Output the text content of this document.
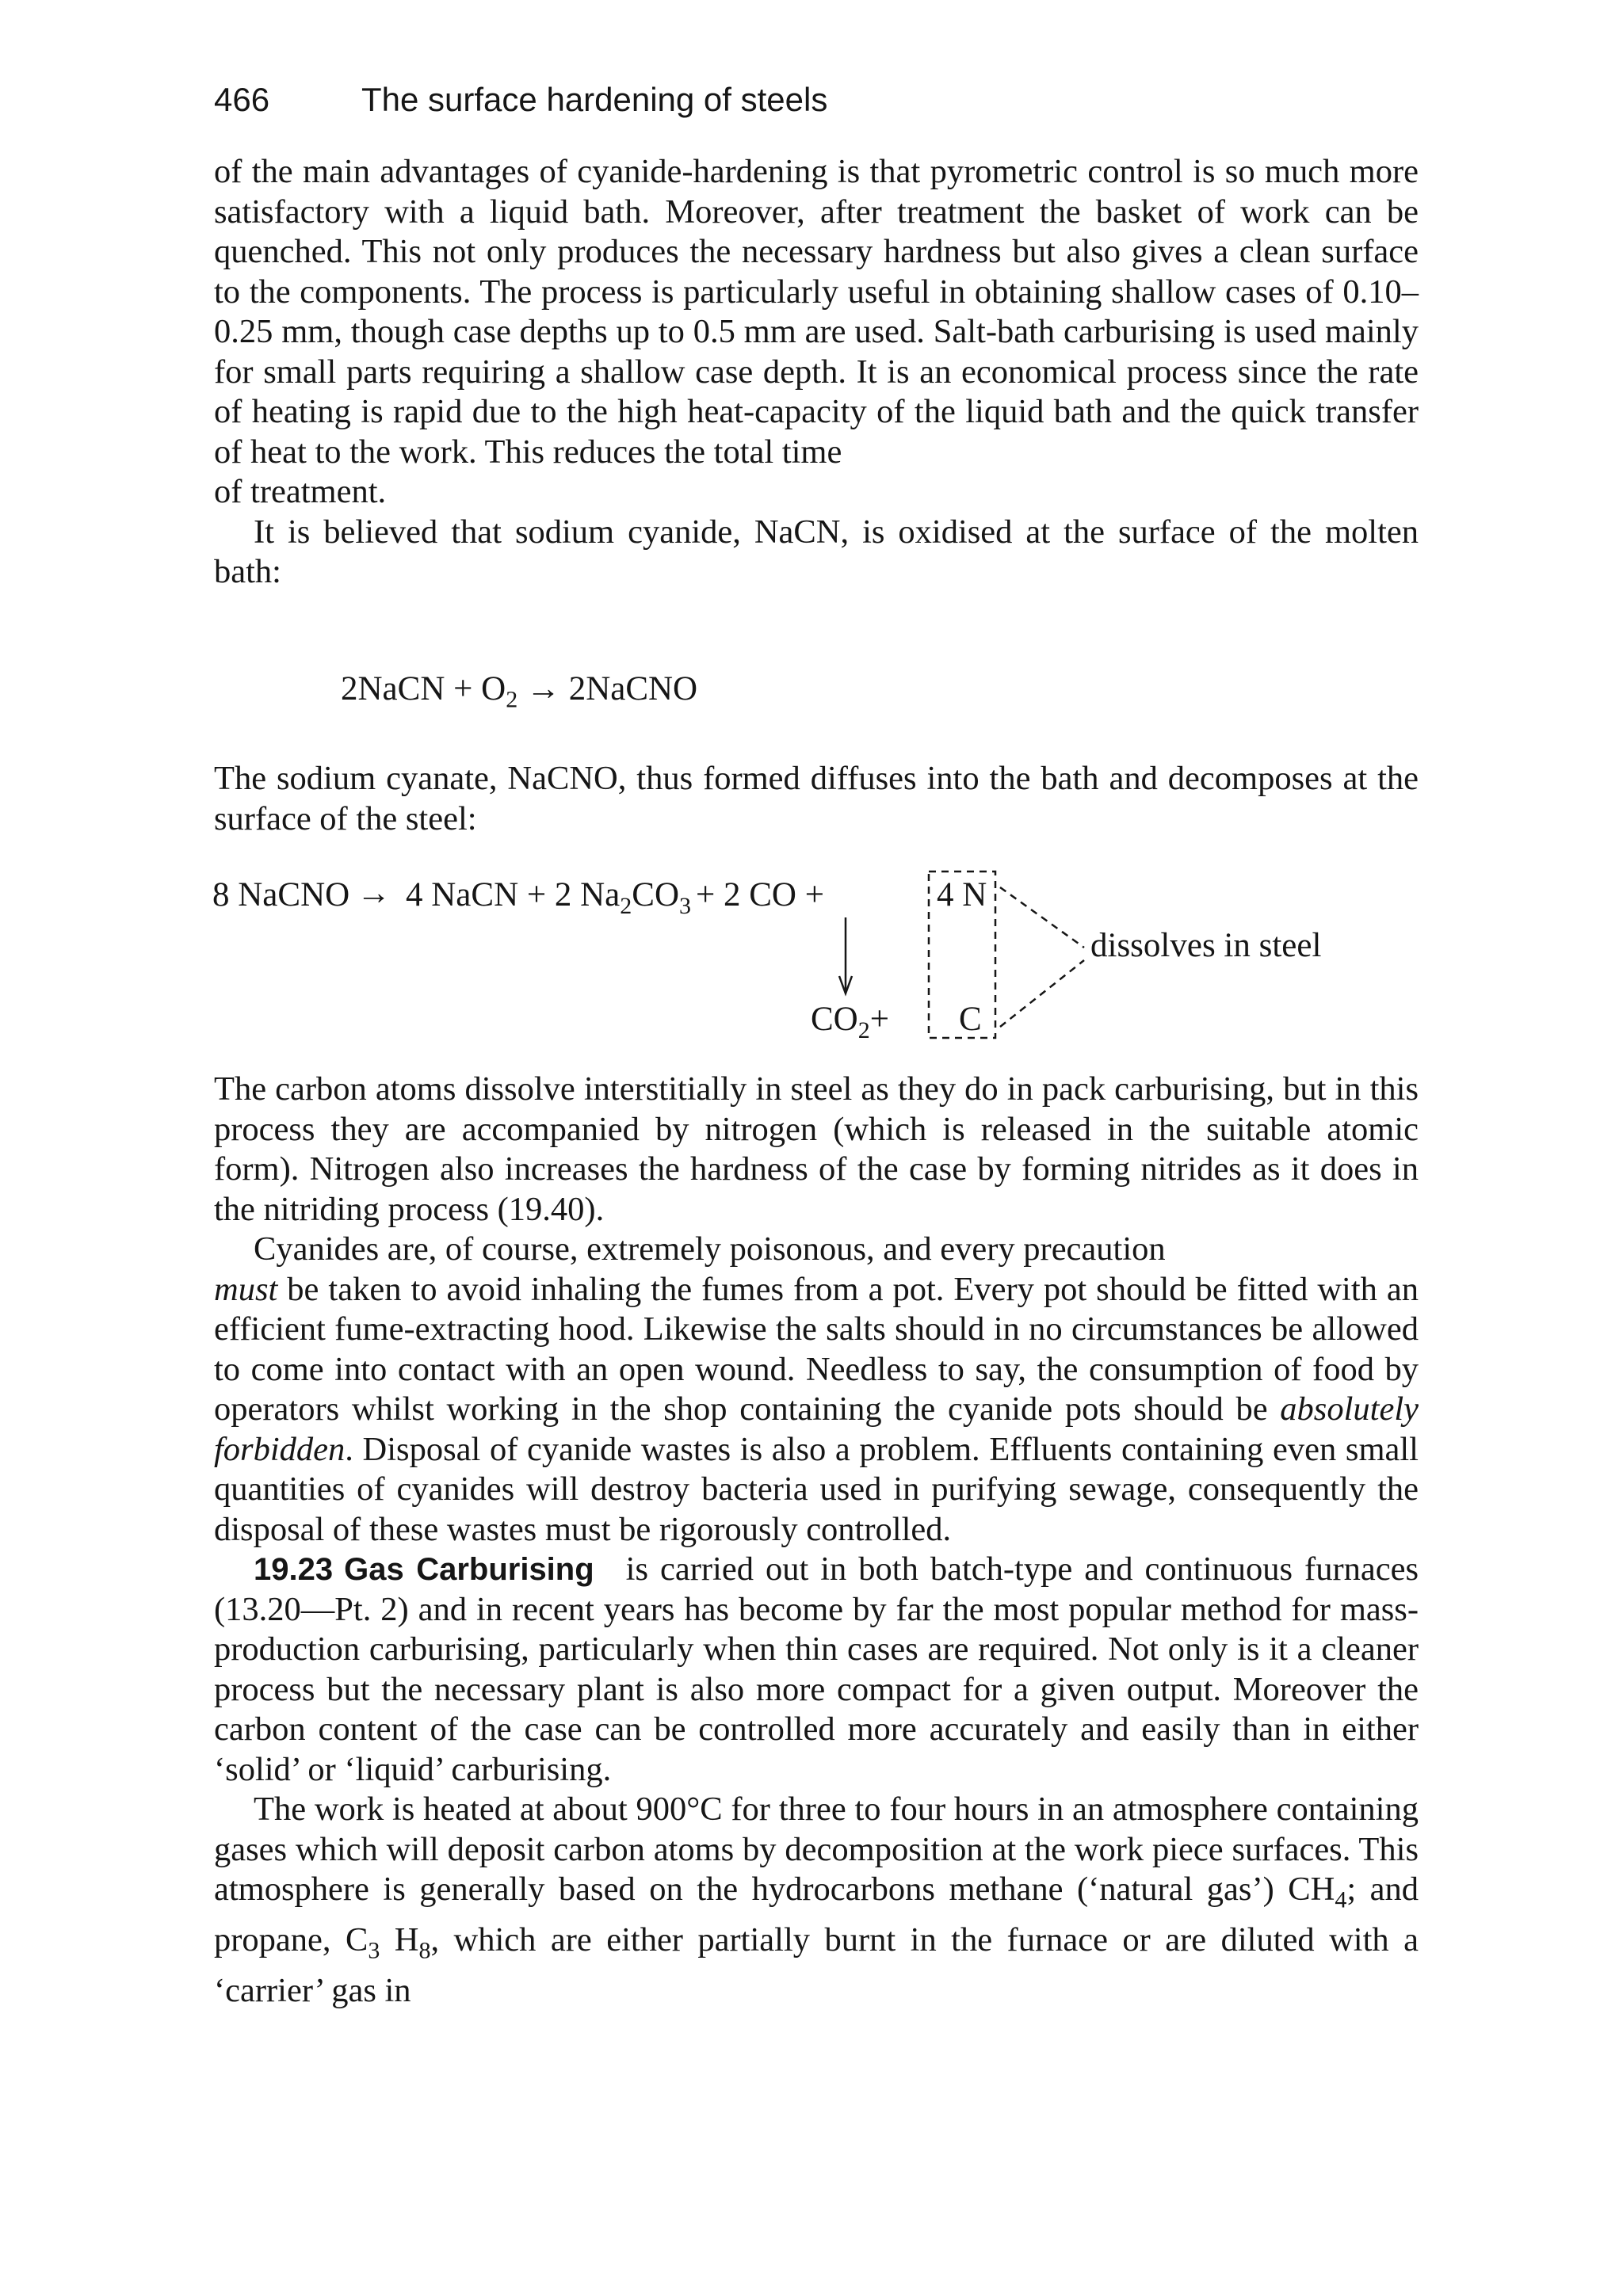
466	The surface hardening of steels

of the main advantages of cyanide-hardening is that pyrometric control is so much more satisfactory with a liquid bath. Moreover, after treatment the basket of work can be quenched. This not only produces the necessary hardness but also gives a clean surface to the components. The process is particularly useful in obtaining shallow cases of 0.10–0.25 mm, though case depths up to 0.5 mm are used. Salt-bath carburising is used mainly for small parts requiring a shallow case depth. It is an economical process since the rate of heating is rapid due to the high heat-capacity of the liquid bath and the quick transfer of heat to the work. This reduces the total time
of treatment.

It is believed that sodium cyanide, NaCN, is oxidised at the surface of the molten bath:

2NaCN + $O_2$ → 2NaCNO

The sodium cyanate, NaCNO, thus formed diffuses into the bath and decomposes at the surface of the steel:

8 NaCNO → 4 NaCN + 2 $Na_2CO_3 + 2$ CO +	4 N
$CO_2+ C$
dissolves in steel

The carbon atoms dissolve interstitially in steel as they do in pack carburising, but in this process they are accompanied by nitrogen (which is released in the suitable atomic form). Nitrogen also increases the hardness of the case by forming nitrides as it does in the nitriding process (19.40).

Cyanides are, of course, extremely poisonous, and every precaution
must be taken to avoid inhaling the fumes from a pot. Every pot should be fitted with an efficient fume-extracting hood. Likewise the salts should in no circumstances be allowed to come into contact with an open wound. Needless to say, the consumption of food by operators whilst working in the shop containing the cyanide pots should be absolutely forbidden. Disposal of cyanide wastes is also a problem. Effluents containing even small quantities of cyanides will destroy bacteria used in purifying sewage, consequently the disposal of these wastes must be rigorously controlled.

19.23 Gas Carburising is carried out in both batch-type and continuous furnaces (13.20—Pt. 2) and in recent years has become by far the most popular method for mass-production carburising, particularly when thin cases are required. Not only is it a cleaner process but the necessary plant is also more compact for a given output. Moreover the carbon content of the case can be controlled more accurately and easily than in either ‘solid’ or ‘liquid’ carburising.

The work is heated at about 900°C for three to four hours in an atmosphere containing gases which will deposit carbon atoms by decomposition at the work piece surfaces. This atmosphere is generally based on the hydrocarbons methane (‘natural gas’) $CH_4$; and propane, $C_3$ $H_8$, which are either partially burnt in the furnace or are diluted with a ‘carrier’ gas in
